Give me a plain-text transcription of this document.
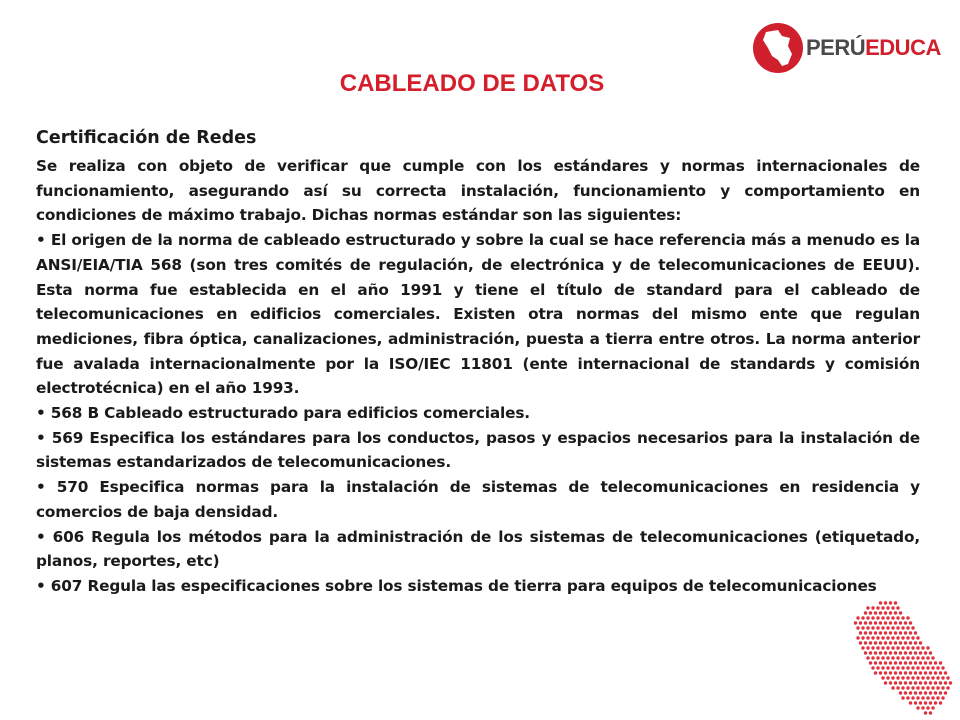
PERÚEDUCA
CABLEADO DE DATOS
Certificación de Redes
Se realiza con objeto de verificar que cumple con los estándares y normas internacionales de funcionamiento, asegurando así su correcta instalación, funcionamiento y comportamiento en condiciones de máximo trabajo. Dichas normas estándar son las siguientes:
• El origen de la norma de cableado estructurado y sobre la cual se hace referencia más a menudo es la ANSI/EIA/TIA 568 (son tres comités de regulación, de electrónica y de telecomunicaciones de EEUU). Esta norma fue establecida en el año 1991 y tiene el título de standard para el cableado de telecomunicaciones en edificios comerciales. Existen otra normas del mismo ente que regulan mediciones, fibra óptica, canalizaciones, administración, puesta a tierra entre otros. La norma anterior fue avalada internacionalmente por la ISO/IEC 11801 (ente internacional de standards y comisión electrotécnica) en el año 1993.
• 568 B Cableado estructurado para edificios comerciales.
• 569 Especifica los estándares para los conductos, pasos y espacios necesarios para la instalación de sistemas estandarizados de telecomunicaciones.
• 570 Especifica normas para la instalación de sistemas de telecomunicaciones en residencia y comercios de baja densidad.
• 606 Regula los métodos para la administración de los sistemas de telecomunicaciones (etiquetado, planos, reportes, etc)
• 607 Regula las especificaciones sobre los sistemas de tierra para equipos de telecomunicaciones
